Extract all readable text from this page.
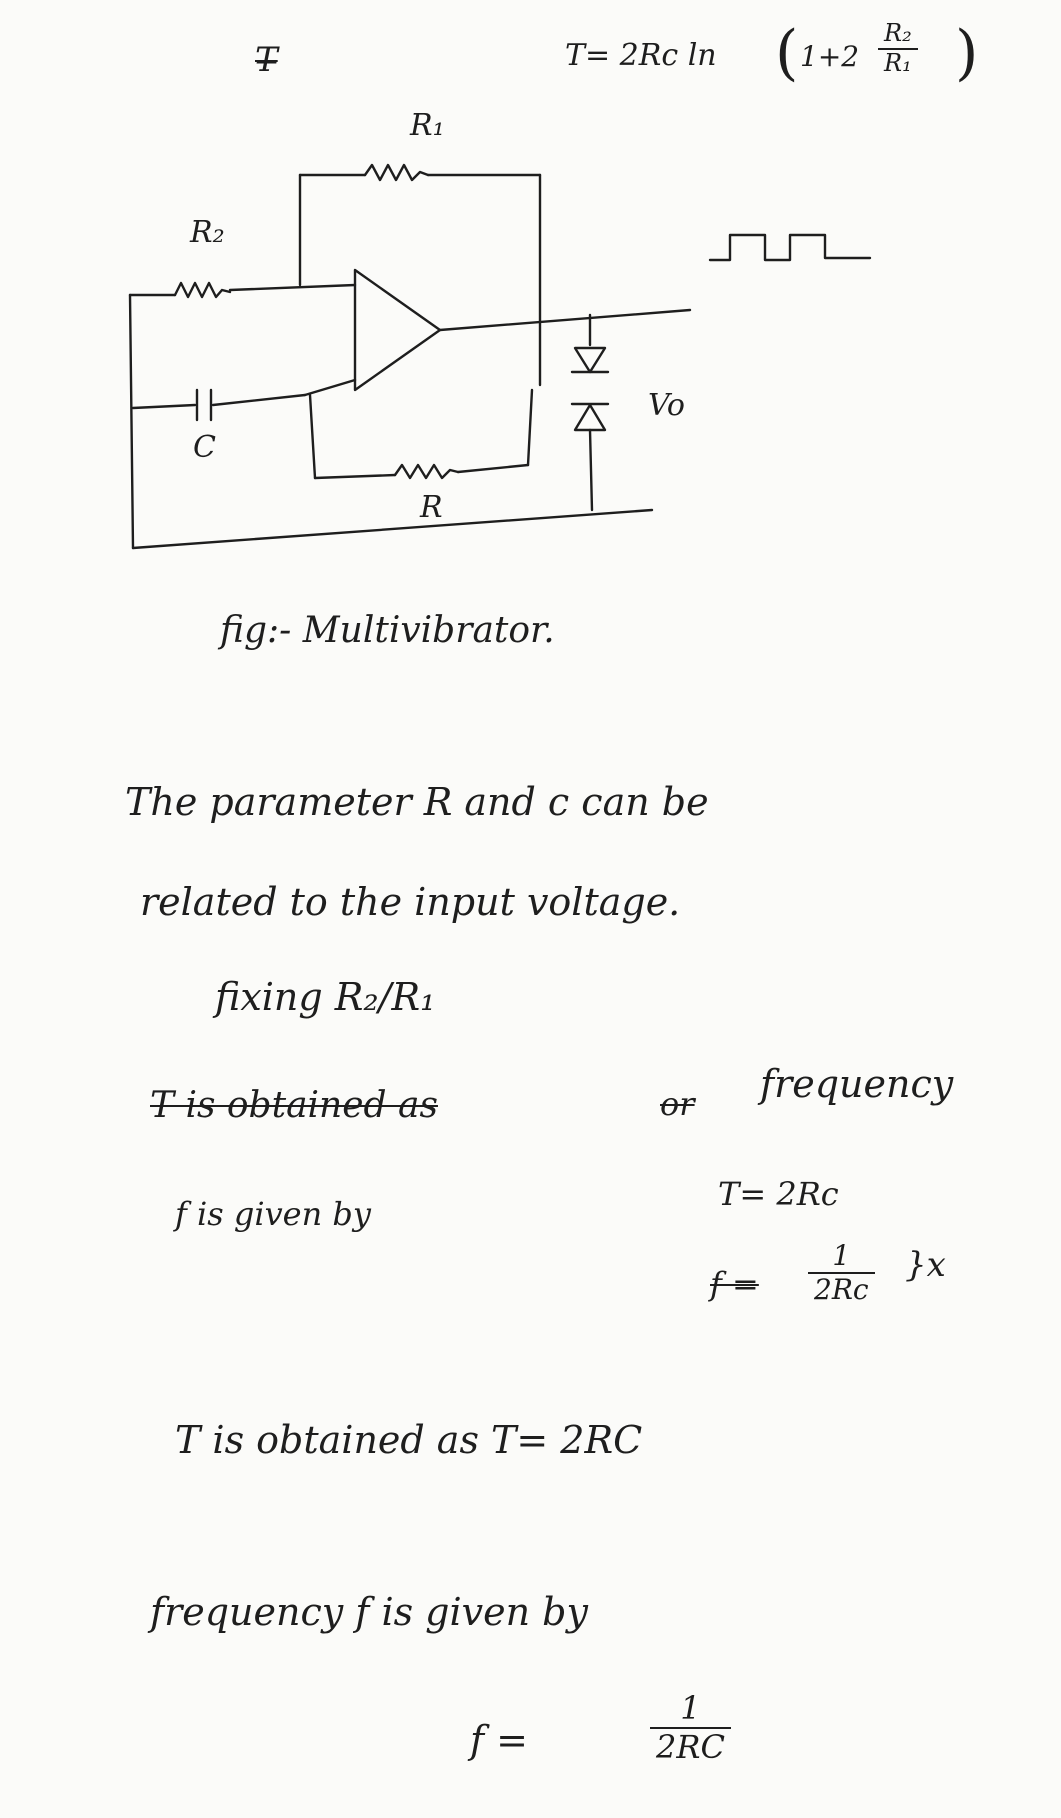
T̶	T= 2Rc ln ( $1+2 \frac{\text{R₂}}{\text{R₁}}$ )
R₁
R₂
C
R
Vo
fig:- Multivibrator.
The parameter R and c can be
related to the input voltage.
fixing R₂/R₁
T is obtained as	or frequency
f is given by
T= 2Rc
$f = \frac{1}{2Rc} \}x$
T is obtained as T= 2RC
frequency f is given by
f =	$\frac{1}{2RC}$
